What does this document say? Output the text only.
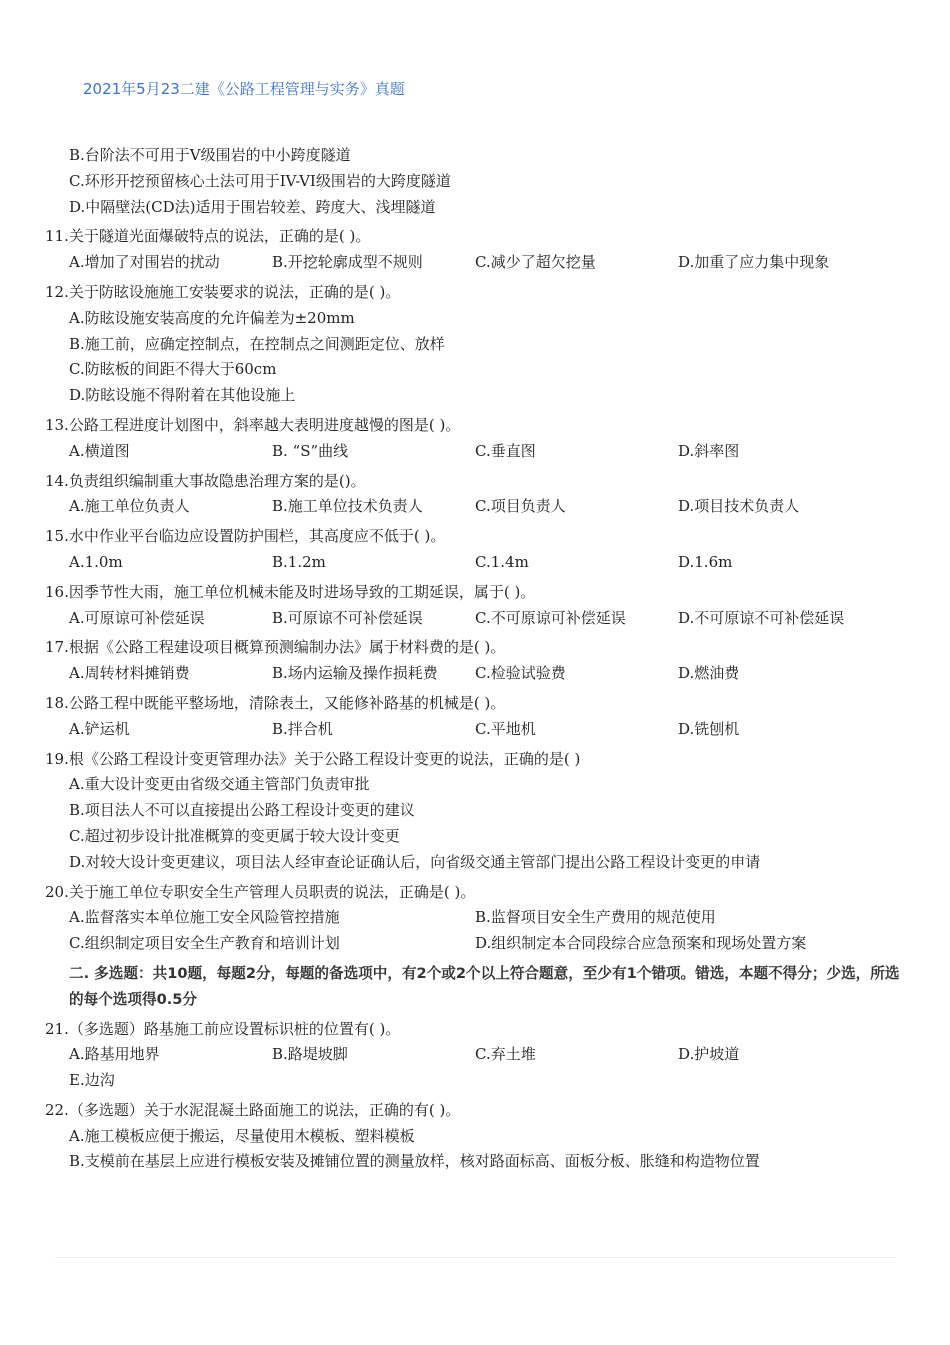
2021年5月23二建《公路工程管理与实务》真题
B.台阶法不可用于V级围岩的中小跨度隧道
C.环形开挖预留核心土法可用于IV-VI级围岩的大跨度隧道
D.中隔壁法(CD法)适用于围岩较差、跨度大、浅埋隧道
11.关于隧道光面爆破特点的说法，正确的是( )。
A.增加了对围岩的扰动	B.开挖轮廓成型不规则	C.减少了超欠挖量	D.加重了应力集中现象
12.关于防眩设施施工安装要求的说法，正确的是( )。
A.防眩设施安装高度的允许偏差为±20mm
B.施工前，应确定控制点，在控制点之间测距定位、放样
C.防眩板的间距不得大于60cm
D.防眩设施不得附着在其他设施上
13.公路工程进度计划图中，斜率越大表明进度越慢的图是( )。
A.横道图	B. “S”曲线	C.垂直图	D.斜率图
14.负责组织编制重大事故隐患治理方案的是()。
A.施工单位负责人	B.施工单位技术负责人	C.项目负责人	D.项目技术负责人
15.水中作业平台临边应设置防护围栏，其高度应不低于( )。
A.1.0m	B.1.2m	C.1.4m	D.1.6m
16.因季节性大雨，施工单位机械未能及时进场导致的工期延误，属于( )。
A.可原谅可补偿延误	B.可原谅不可补偿延误	C.不可原谅可补偿延误	D.不可原谅不可补偿延误
17.根据《公路工程建设项目概算预测编制办法》属于材料费的是( )。
A.周转材料摊销费	B.场内运输及操作损耗费	C.检验试验费	D.燃油费
18.公路工程中既能平整场地，清除表土，又能修补路基的机械是( )。
A.铲运机	B.拌合机	C.平地机	D.铣刨机
19.根《公路工程设计变更管理办法》关于公路工程设计变更的说法，正确的是( )
A.重大设计变更由省级交通主管部门负责审批
B.项目法人不可以直接提出公路工程设计变更的建议
C.超过初步设计批准概算的变更属于较大设计变更
D.对较大设计变更建议，项目法人经审查论证确认后，向省级交通主管部门提出公路工程设计变更的申请
20.关于施工单位专职安全生产管理人员职责的说法，正确是( )。
A.监督落实本单位施工安全风险管控措施	B.监督项目安全生产费用的规范使用
C.组织制定项目安全生产教育和培训计划	D.组织制定本合同段综合应急预案和现场处置方案
二. 多选题：共10题，每题2分，每题的备选项中，有2个或2个以上符合题意，至少有1个错项。错选，本题不得分；少选，所选的每个选项得0.5分
21.（多选题）路基施工前应设置标识桩的位置有( )。
A.路基用地界	B.路堤坡脚	C.弃土堆	D.护坡道
E.边沟
22.（多选题）关于水泥混凝土路面施工的说法，正确的有( )。
A.施工模板应便于搬运，尽量使用木模板、塑料模板
B.支模前在基层上应进行模板安装及摊铺位置的测量放样，核对路面标高、面板分板、胀缝和构造物位置
